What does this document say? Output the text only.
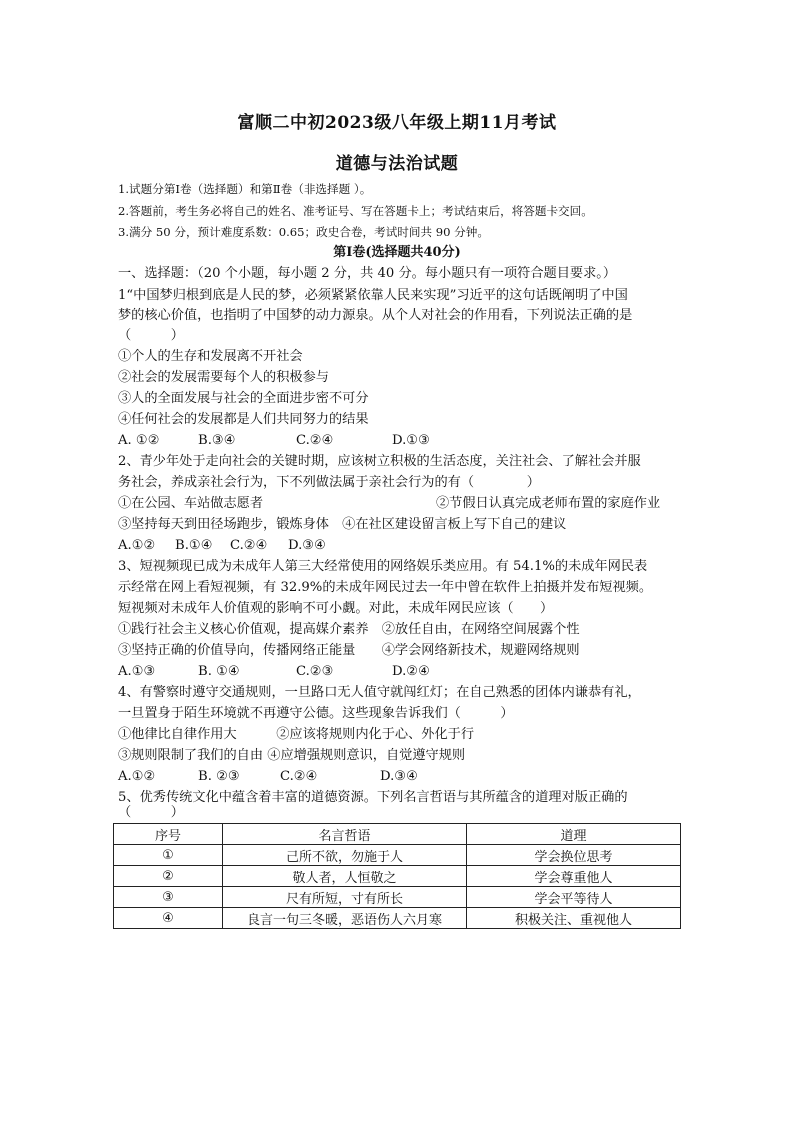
富顺二中初2023级八年级上期11月考试
道德与法治试题
1.试题分第Ⅰ卷（选择题）和第Ⅱ卷（非选择题 ）。
2.答题前，考生务必将自己的姓名、准考证号、写在答题卡上；考试结束后，将答题卡交回。
3.满分 50 分，预计难度系数：0.65；政史合卷，考试时间共 90 分钟。
第Ⅰ卷(选择题共40分)
一、选择题：（20 个小题，每小题 2 分，共 40 分。每小题只有一项符合题目要求。）
1“中国梦归根到底是人民的梦，必须紧紧依靠人民来实现”习近平的这句话既阐明了中国
梦的核心价值，也指明了中国梦的动力源泉。从个人对社会的作用看，下列说法正确的是
（　　　）
①个人的生存和发展离不开社会
②社会的发展需要每个人的积极参与
③人的全面发展与社会的全面进步密不可分
④任何社会的发展都是人们共同努力的结果
A. ①②	B.③④	C.②④	D.①③
2、青少年处于走向社会的关键时期，应该树立积极的生活态度，关注社会、了解社会并服
务社会，养成亲社会行为，下不列做法属于亲社会行为的有（　　　　）
①在公园、车站做志愿者	②节假日认真完成老师布置的家庭作业
③坚持每天到田径场跑步，锻炼身体　④在社区建设留言板上写下自己的建议
A.①② B.①④ C.②④ D.③④
3、短视频现已成为未成年人第三大经常使用的网络娱乐类应用。有 54.1%的未成年网民表
示经常在网上看短视频，有 32.9%的未成年网民过去一年中曾在软件上拍摄并发布短视频。
短视频对未成年人价值观的影响不可小觑。对此，未成年网民应该（　　）
①践行社会主义核心价值观，提高媒介素养　②放任自由，在网络空间展露个性
③坚持正确的价值导向，传播网络正能量　　④学会网络新技术，规避网络规则
A.①③	B. ①④	C.②③	D.②④
4、有警察时遵守交通规则，一旦路口无人值守就闯红灯；在自己熟悉的团体内谦恭有礼，
一旦置身于陌生环境就不再遵守公德。这些现象告诉我们（　　　）
①他律比自律作用大　　　②应该将规则内化于心、外化于行
③规则限制了我们的自由 ④应增强规则意识，自觉遵守规则
A.①②	B. ②③	C.②④	D.③④
5、优秀传统文化中蕴含着丰富的道德资源。下列名言哲语与其所蕴含的道理对版正确的
（　　　）
序号	名言哲语	道理
①	己所不欲，勿施于人	学会换位思考
②	敬人者，人恒敬之	学会尊重他人
③	尺有所短，寸有所长	学会平等待人
④	良言一句三冬暖，恶语伤人六月寒	积极关注、重视他人
